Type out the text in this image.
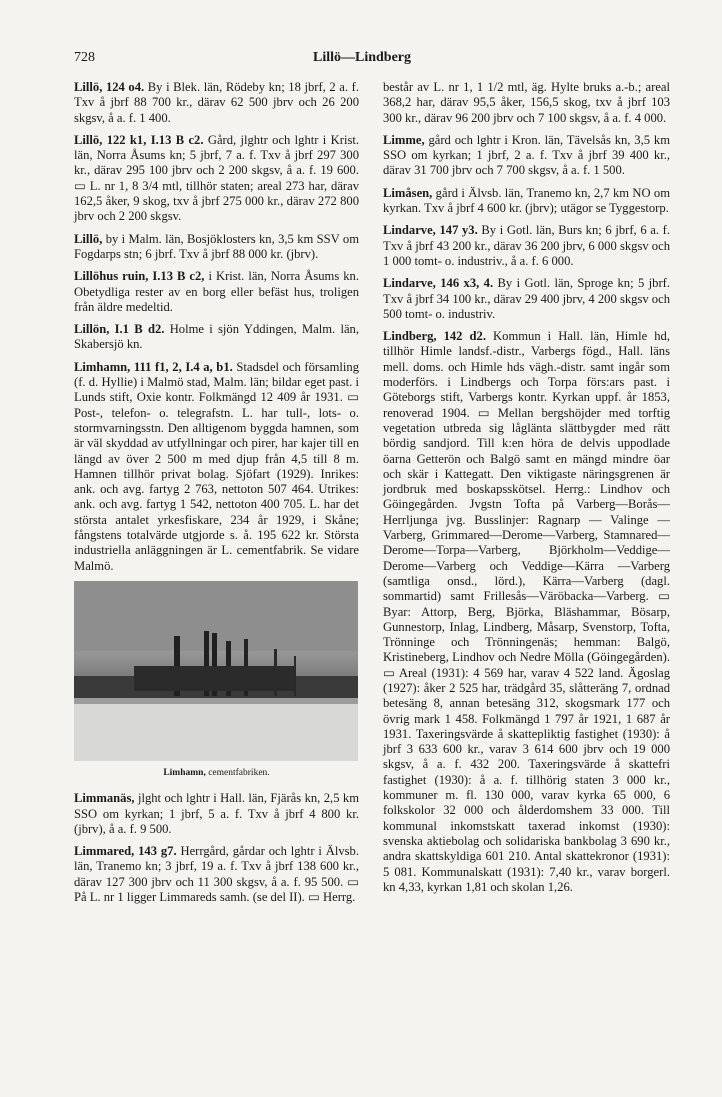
728	Lillö—Lindberg
Lillö, 124 o4. By i Blek. län, Rödeby kn; 18 jbrf, 2 a. f. Txv å jbrf 88 700 kr., därav 62 500 jbrv och 26 200 skgsv, å a. f. 1 400.
Lillö, 122 k1, I.13 B c2. Gård, jlghtr och lghtr i Krist. län, Norra Åsums kn; 5 jbrf, 7 a. f. Txv å jbrf 297 300 kr., därav 295 100 jbrv och 2 200 skgsv, å a. f. 19 600. ▭ L. nr 1, 8 3/4 mtl, tillhör staten; areal 273 har, därav 162,5 åker, 9 skog, txv å jbrf 275 000 kr., därav 272 800 jbrv och 2 200 skgsv.
Lillö, by i Malm. län, Bosjöklosters kn, 3,5 km SSV om Fogdarps stn; 6 jbrf. Txv å jbrf 88 000 kr. (jbrv).
Lillöhus ruin, I.13 B c2, i Krist. län, Norra Åsums kn. Obetydliga rester av en borg eller befäst hus, troligen från äldre medeltid.
Lillön, I.1 B d2. Holme i sjön Yddingen, Malm. län, Skabersjö kn.
Limhamn, 111 f1, 2, I.4 a, b1. Stadsdel och församling (f. d. Hyllie) i Malmö stad, Malm. län; bildar eget past. i Lunds stift, Oxie kontr. Folkmängd 12 409 år 1931. ▭ Post-, telefon- o. telegrafstn. L. har tull-, lots- o. stormvarningsstn. Den alltigenom byggda hamnen, som är väl skyddad av utfyllningar och pirer, har kajer till en längd av över 2 500 m med djup från 4,5 till 8 m. Hamnen tillhör privat bolag. Sjöfart (1929). Inrikes: ank. och avg. fartyg 2 763, nettoton 507 464. Utrikes: ank. och avg. fartyg 1 542, nettoton 400 705. L. har det största antalet yrkesfiskare, 234 år 1929, i Skåne; fångstens totalvärde utgjorde s. å. 195 622 kr. Största industriella anläggningen är L. cementfabrik. Se vidare Malmö.
Limhamn, cementfabriken.
Limmanäs, jlght och lghtr i Hall. län, Fjärås kn, 2,5 km SSO om kyrkan; 1 jbrf, 5 a. f. Txv å jbrf 4 800 kr. (jbrv), å a. f. 9 500.
Limmared, 143 g7. Herrgård, gårdar och lghtr i Älvsb. län, Tranemo kn; 3 jbrf, 19 a. f. Txv å jbrf 138 600 kr., därav 127 300 jbrv och 11 300 skgsv, å a. f. 95 500. ▭ På L. nr 1 ligger Limmareds samh. (se del II). ▭ Herrg.
består av L. nr 1, 1 1/2 mtl, äg. Hylte bruks a.-b.; areal 368,2 har, därav 95,5 åker, 156,5 skog, txv å jbrf 103 300 kr., därav 96 200 jbrv och 7 100 skgsv, å a. f. 4 000.
Limme, gård och lghtr i Kron. län, Tävelsås kn, 3,5 km SSO om kyrkan; 1 jbrf, 2 a. f. Txv å jbrf 39 400 kr., därav 31 700 jbrv och 7 700 skgsv, å a. f. 1 500.
Limåsen, gård i Älvsb. län, Tranemo kn, 2,7 km NO om kyrkan. Txv å jbrf 4 600 kr. (jbrv); utägor se Tyggestorp.
Lindarve, 147 y3. By i Gotl. län, Burs kn; 6 jbrf, 6 a. f. Txv å jbrf 43 200 kr., därav 36 200 jbrv, 6 000 skgsv och 1 000 tomt- o. industriv., å a. f. 6 000.
Lindarve, 146 x3, 4. By i Gotl. län, Sproge kn; 5 jbrf. Txv å jbrf 34 100 kr., därav 29 400 jbrv, 4 200 skgsv och 500 tomt- o. industriv.
Lindberg, 142 d2. Kommun i Hall. län, Himle hd, tillhör Himle landsf.-distr., Varbergs fögd., Hall. läns mell. doms. och Himle hds vägh.-distr. samt ingår som moderförs. i Lindbergs och Torpa förs:ars past. i Göteborgs stift, Varbergs kontr. Kyrkan uppf. år 1853, renoverad 1904. ▭ Mellan bergshöjder med torftig vegetation utbreda sig låglänta slättbygder med rätt bördig sandjord. Till k:en höra de delvis uppodlade öarna Getterön och Balgö samt en mängd mindre öar och skär i Kattegatt. Den viktigaste näringsgrenen är jordbruk med boskapsskötsel. Herrg.: Lindhov och Göingegården. Jvgstn Tofta på Varberg—Borås—Herrljunga jvg. Busslinjer: Ragnarp — Valinge — Varberg, Grimmared—Derome—Varberg, Stamnared—Derome—Torpa—Varberg, Björkholm—Veddige—Derome—Varberg och Veddige—Kärra —Varberg (samtliga onsd., lörd.), Kärra—Varberg (dagl. sommartid) samt Frillesås—Väröbacka—Varberg. ▭ Byar: Attorp, Berg, Björka, Bläshammar, Bösarp, Gunnestorp, Inlag, Lindberg, Måsarp, Svenstorp, Tofta, Trönninge och Trönningenäs; hemman: Balgö, Kristineberg, Lindhov och Nedre Mölla (Göingegården). ▭ Areal (1931): 4 569 har, varav 4 522 land. Ägoslag (1927): åker 2 525 har, trädgård 35, slåtteräng 7, ordnad betesäng 8, annan betesäng 312, skogsmark 177 och övrig mark 1 458. Folkmängd 1 797 år 1921, 1 687 år 1931. Taxeringsvärde å skattepliktig fastighet (1930): å jbrf 3 633 600 kr., varav 3 614 600 jbrv och 19 000 skgsv, å a. f. 432 200. Taxeringsvärde å skattefri fastighet (1930): å a. f. tillhörig staten 3 000 kr., kommuner m. fl. 130 000, varav kyrka 65 000, 6 folkskolor 32 000 och ålderdomshem 33 000. Till kommunal inkomstskatt taxerad inkomst (1930): svenska aktiebolag och solidariska bankbolag 3 690 kr., andra skattskyldiga 601 210. Antal skattekronor (1931): 5 081. Kommunalskatt (1931): 7,40 kr., varav borgerl. kn 4,33, kyrkan 1,81 och skolan 1,26.
